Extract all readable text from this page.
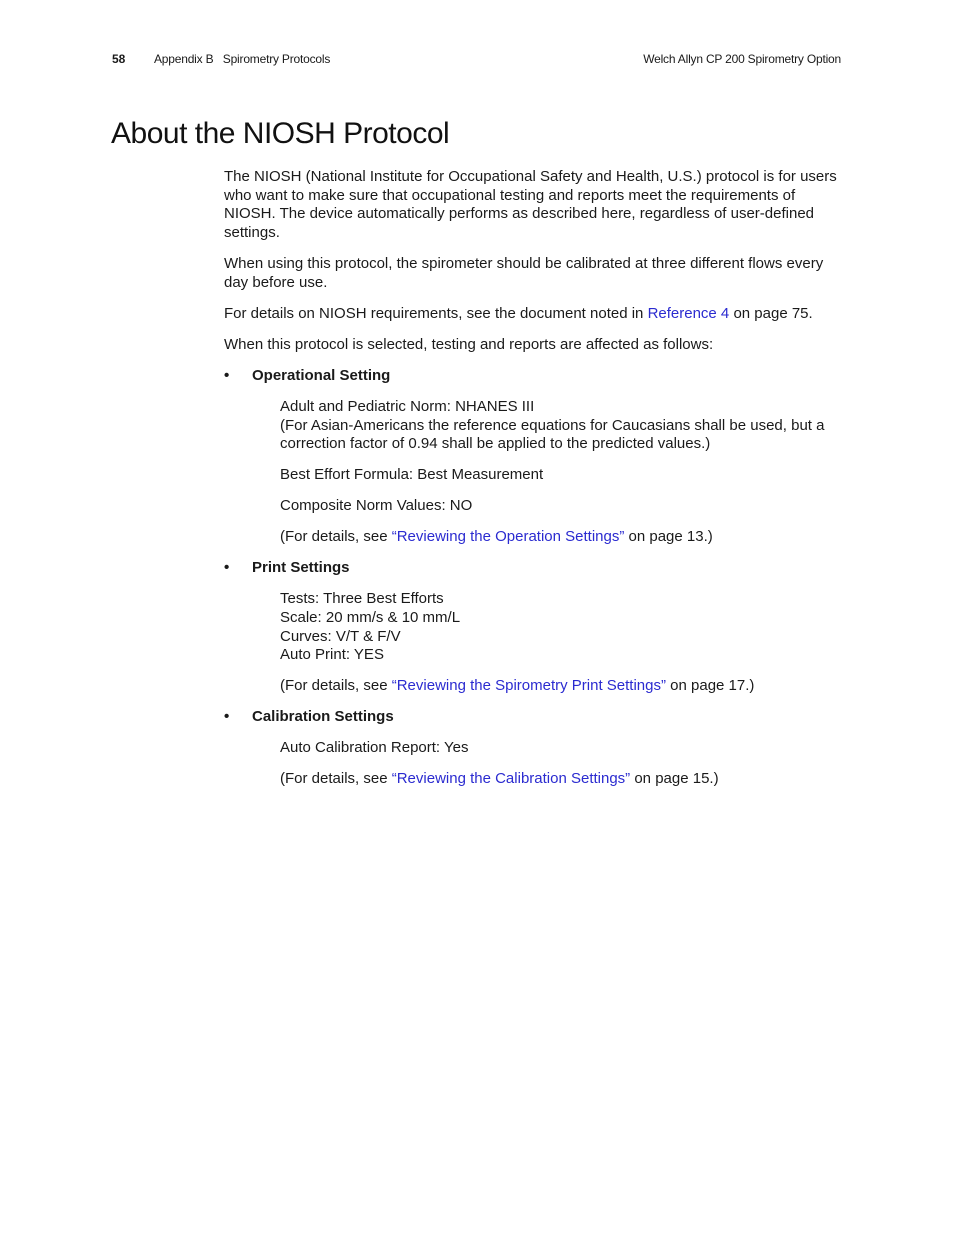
58 Appendix B   Spirometry Protocols	Welch Allyn CP 200 Spirometry Option
About the NIOSH Protocol

The NIOSH (National Institute for Occupational Safety and Health, U.S.) protocol is for users who want to make sure that occupational testing and reports meet the requirements of NIOSH. The device automatically performs as described here, regardless of user-defined settings.

When using this protocol, the spirometer should be calibrated at three different flows every day before use.

For details on NIOSH requirements, see the document noted in Reference 4 on page 75.

When this protocol is selected, testing and reports are affected as follows:

• Operational Setting

Adult and Pediatric Norm: NHANES III
(For Asian-Americans the reference equations for Caucasians shall be used, but a correction factor of 0.94 shall be applied to the predicted values.)

Best Effort Formula: Best Measurement

Composite Norm Values: NO

(For details, see “Reviewing the Operation Settings” on page 13.)

• Print Settings

Tests: Three Best Efforts
Scale: 20 mm/s & 10 mm/L
Curves: V/T & F/V
Auto Print: YES

(For details, see “Reviewing the Spirometry Print Settings” on page 17.)

• Calibration Settings

Auto Calibration Report: Yes

(For details, see “Reviewing the Calibration Settings” on page 15.)
